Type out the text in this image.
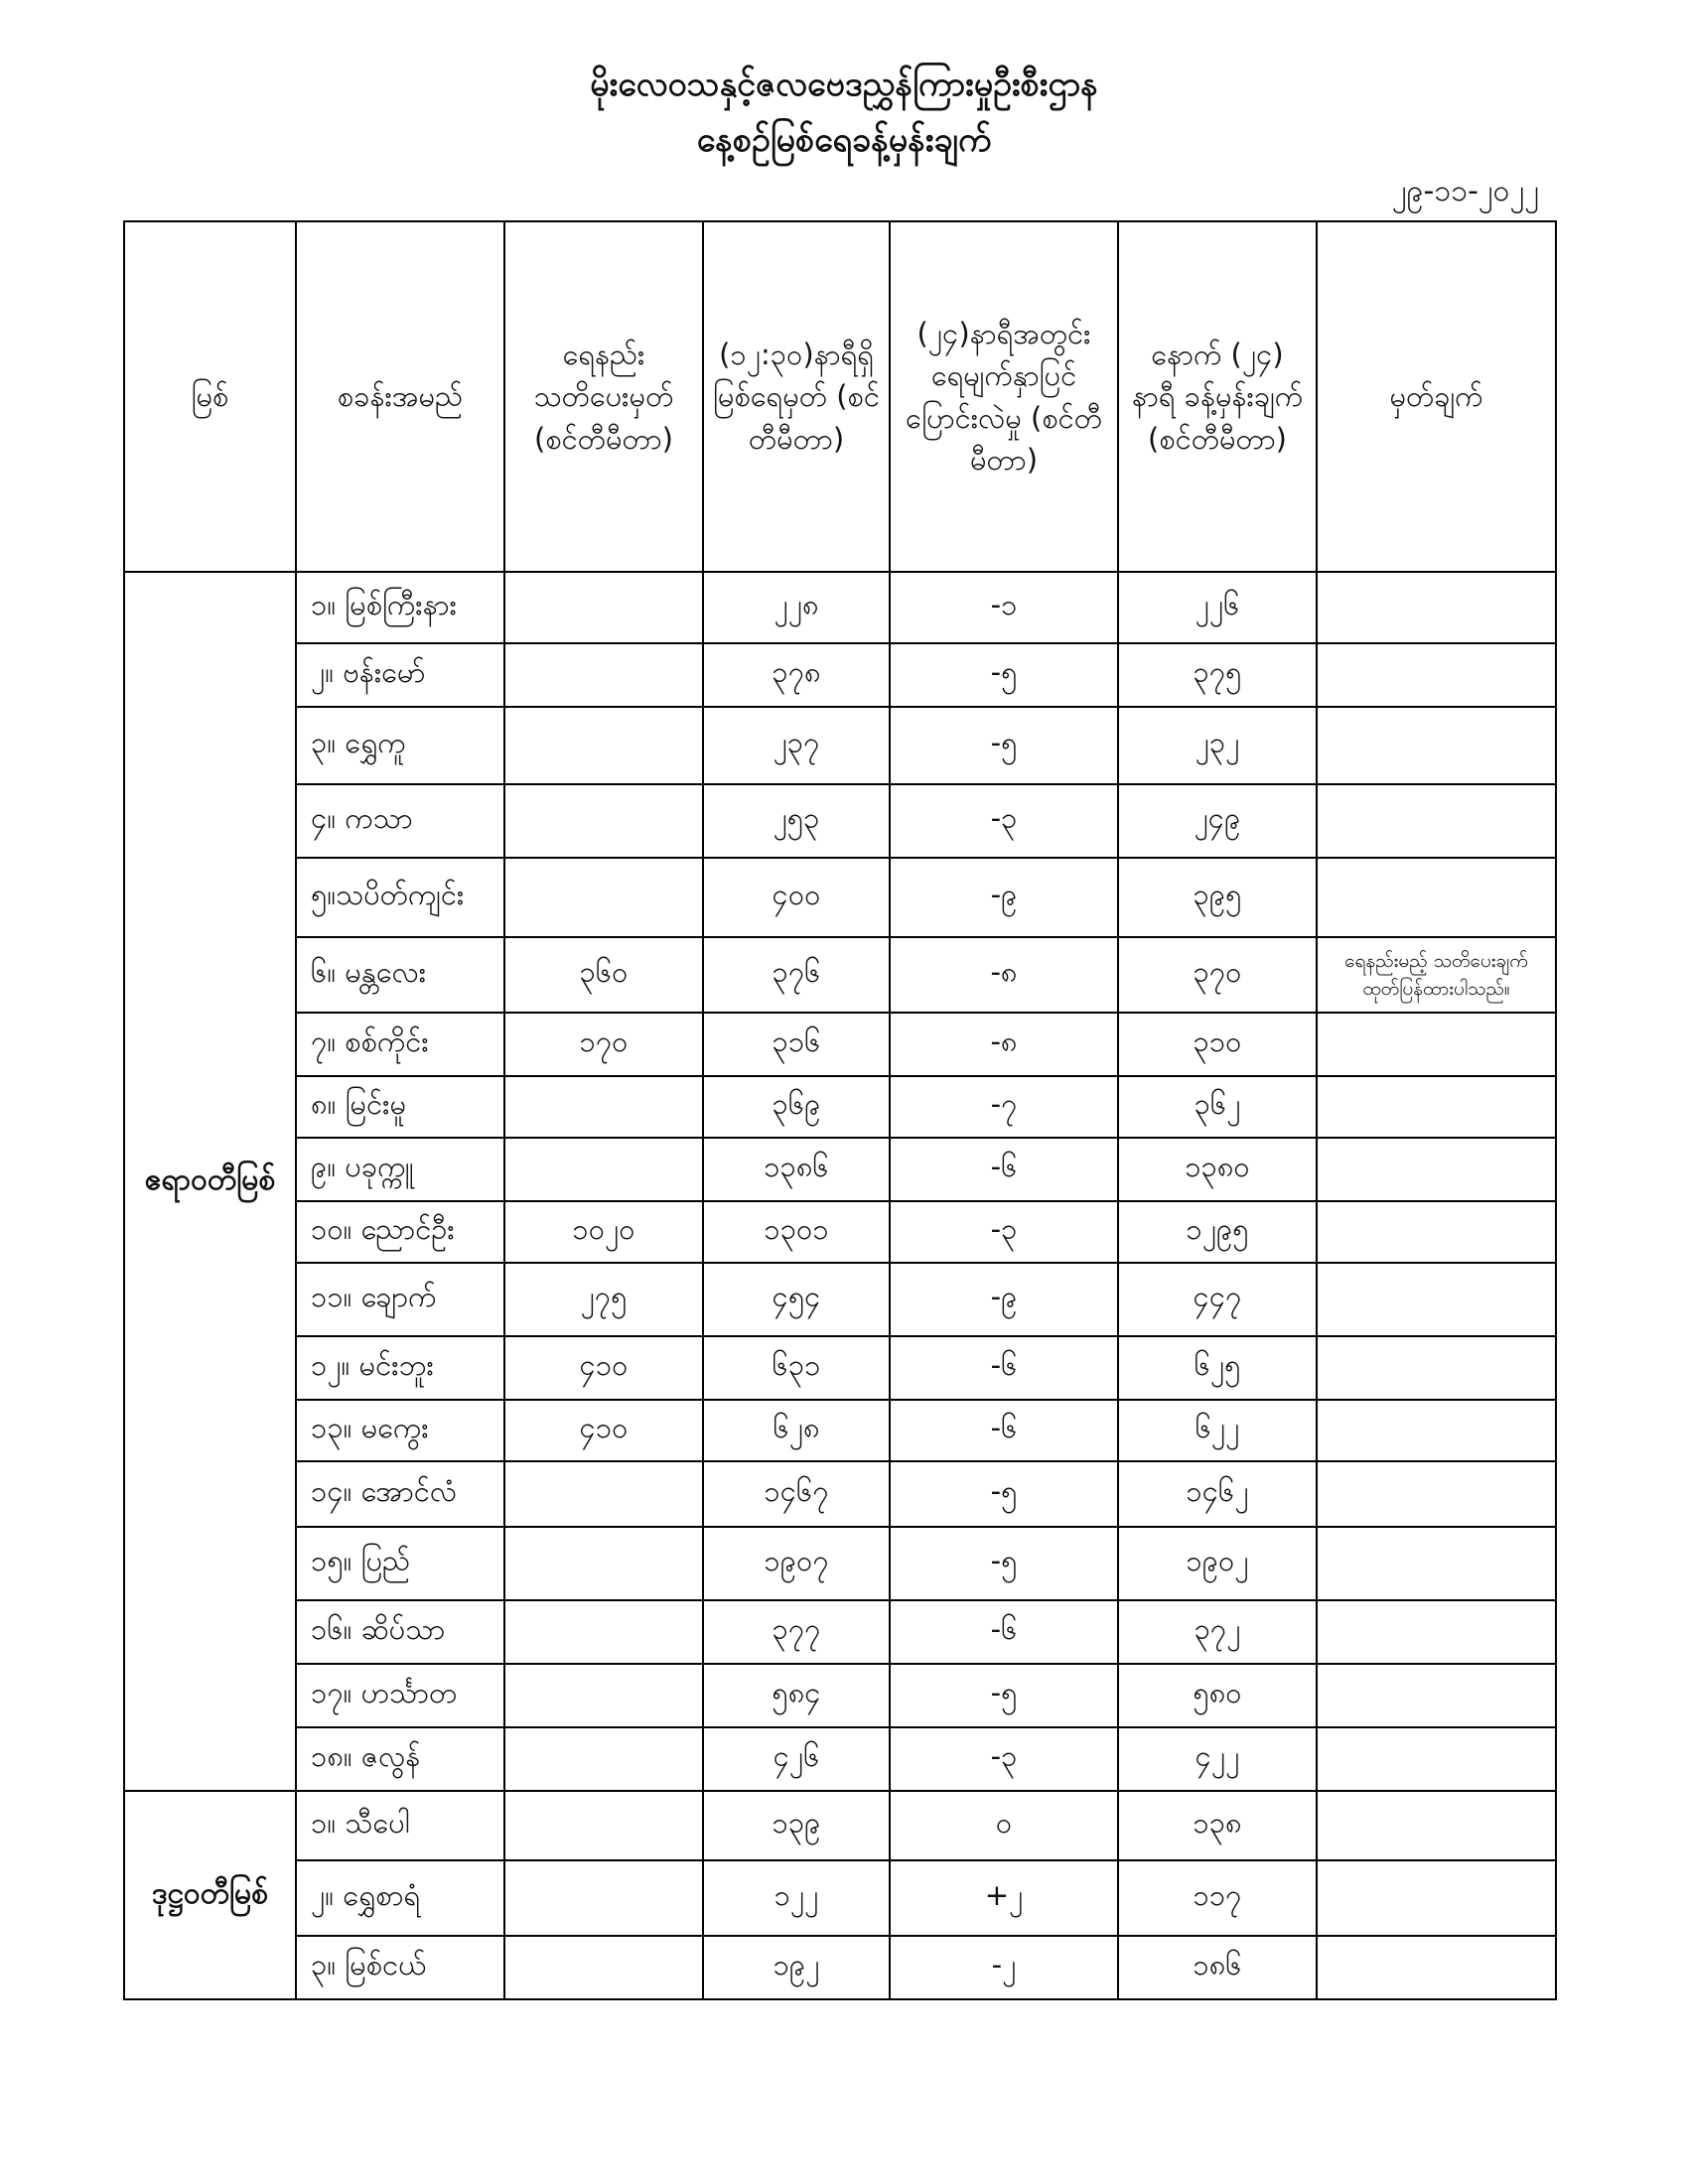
မိုးလေဝသနှင့်ဇလဗေဒညွှန်ကြားမှုဦးစီးဌာန
နေ့စဉ်မြစ်ရေခန့်မှန်းချက်
၂၉-၁၁-၂၀၂၂
မြစ်	စခန်းအမည်	ရေနည်း သတိပေးမှတ် (စင်တီမီတာ)	(၁၂:၃၀)နာရီရှိ မြစ်ရေမှတ် (စင်တီမီတာ)	(၂၄)နာရီအတွင်း ရေမျက်နှာပြင် ပြောင်းလဲမှု (စင်တီမီတာ)	နောက် (၂၄) နာရီ ခန့်မှန်းချက် (စင်တီမီတာ)	မှတ်ချက်
ဧရာဝတီမြစ်	၁။ မြစ်ကြီးနား		၂၂၈	-၁	၂၂၆	
	၂။ ဗန်းမော်		၃၇၈	-၅	၃၇၅	
	၃။ ရွှေကူ		၂၃၇	-၅	၂၃၂	
	၄။ ကသာ		၂၅၃	-၃	၂၄၉	
	၅။သပိတ်ကျင်း		၄၀၀	-၉	၃၉၅	
	၆။ မန္တလေး	၃၆၀	၃၇၆	-၈	၃၇၀	ရေနည်းမည့် သတိပေးချက် ထုတ်ပြန်ထားပါသည်။
	၇။ စစ်ကိုင်း	၁၇၀	၃၁၆	-၈	၃၁၀	
	၈။ မြင်းမူ		၃၆၉	-၇	၃၆၂	
	၉။ ပခုက္ကူ		၁၃၈၆	-၆	၁၃၈၀	
	၁၀။ ညောင်ဦး	၁၀၂၀	၁၃၀၁	-၃	၁၂၉၅	
	၁၁။ ချောက်	၂၇၅	၄၅၄	-၉	၄၄၇	
	၁၂။ မင်းဘူး	၄၁၀	၆၃၁	-၆	၆၂၅	
	၁၃။ မကွေး	၄၁၀	၆၂၈	-၆	၆၂၂	
	၁၄။ အောင်လံ		၁၄၆၇	-၅	၁၄၆၂	
	၁၅။ ပြည်		၁၉၀၇	-၅	၁၉၀၂	
	၁၆။ ဆိပ်သာ		၃၇၇	-၆	၃၇၂	
	၁၇။ ဟင်္သာတ		၅၈၄	-၅	၅၈၀	
	၁၈။ ဇလွန်		၄၂၆	-၃	၄၂၂	
ဒုဋ္ဌဝတီမြစ်	၁။ သီပေါ		၁၃၉	၀	၁၃၈	
	၂။ ရွှေစာရံ		၁၂၂	+၂	၁၁၇	
	၃။ မြစ်ငယ်		၁၉၂	-၂	၁၈၆	
